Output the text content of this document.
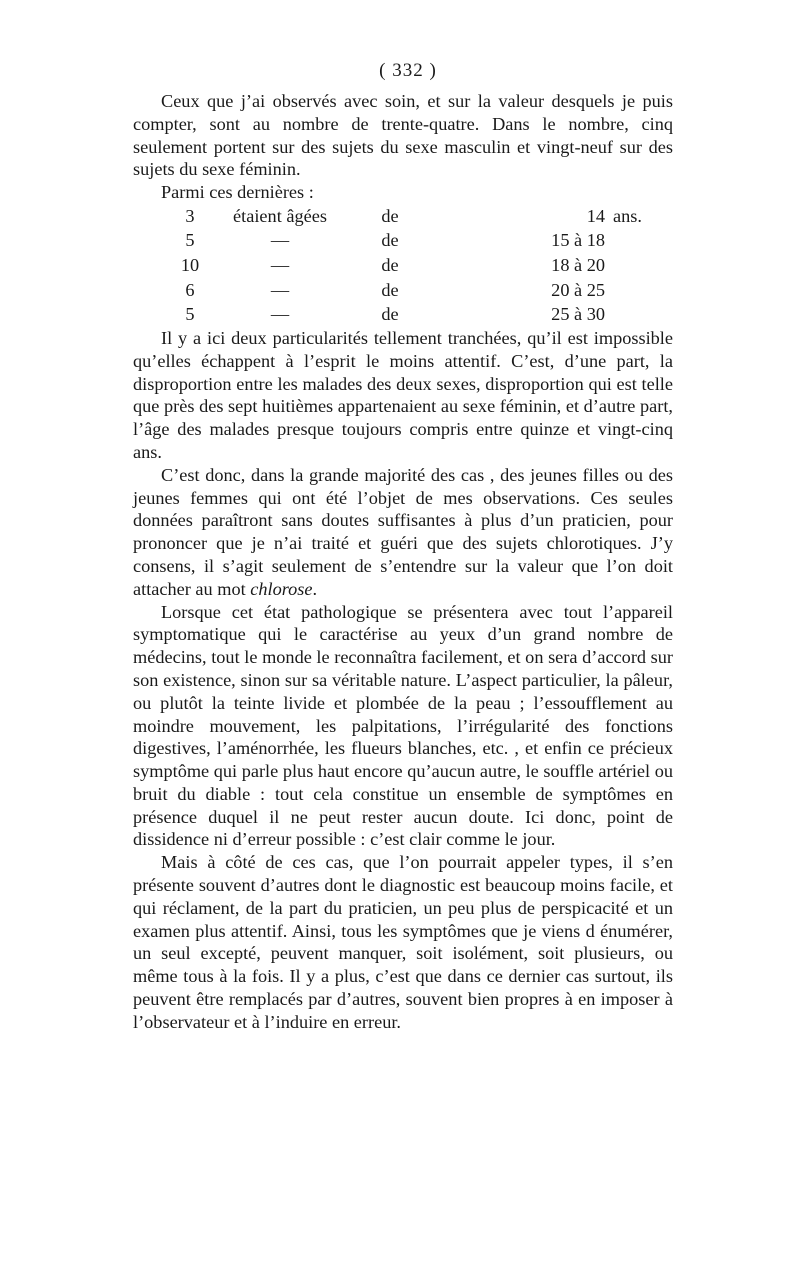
( 332 )

Ceux que j’ai observés avec soin, et sur la valeur desquels je puis compter, sont au nombre de trente-quatre. Dans le nombre, cinq seulement portent sur des sujets du sexe masculin et vingt-neuf sur des sujets du sexe féminin.

Parmi ces dernières :

3	étaient âgées	de	14	ans.
5	—	de	15 à 18	
10	—	de	18 à 20	
6	—	de	20 à 25	
5	—	de	25 à 30	

Il y a ici deux particularités tellement tranchées, qu’il est impossible qu’elles échappent à l’esprit le moins attentif. C’est, d’une part, la disproportion entre les malades des deux sexes, disproportion qui est telle que près des sept huitièmes appartenaient au sexe féminin, et d’autre part, l’âge des malades presque toujours compris entre quinze et vingt-cinq ans.

C’est donc, dans la grande majorité des cas , des jeunes filles ou des jeunes femmes qui ont été l’objet de mes observations. Ces seules données paraîtront sans doutes suffisantes à plus d’un praticien, pour prononcer que je n’ai traité et guéri que des sujets chlorotiques. J’y consens, il s’agit seulement de s’entendre sur la valeur que l’on doit attacher au mot chlorose.

Lorsque cet état pathologique se présentera avec tout l’appareil symptomatique qui le caractérise au yeux d’un grand nombre de médecins, tout le monde le reconnaîtra facilement, et on sera d’accord sur son existence, sinon sur sa véritable nature. L’aspect particulier, la pâleur, ou plutôt la teinte livide et plombée de la peau ; l’essoufflement au moindre mouvement, les palpitations, l’irrégularité des fonctions digestives, l’aménorrhée, les flueurs blanches, etc. , et enfin ce précieux symptôme qui parle plus haut encore qu’aucun autre, le souffle artériel ou bruit du diable : tout cela constitue un ensemble de symptômes en présence duquel il ne peut rester aucun doute. Ici donc, point de dissidence ni d’erreur possible : c’est clair comme le jour.

Mais à côté de ces cas, que l’on pourrait appeler types, il s’en présente souvent d’autres dont le diagnostic est beaucoup moins facile, et qui réclament, de la part du praticien, un peu plus de perspicacité et un examen plus attentif. Ainsi, tous les symptômes que je viens d énumérer, un seul excepté, peuvent manquer, soit isolément, soit plusieurs, ou même tous à la fois. Il y a plus, c’est que dans ce dernier cas surtout, ils peuvent être remplacés par d’autres, souvent bien propres à en imposer à l’observateur et à l’induire en erreur.
